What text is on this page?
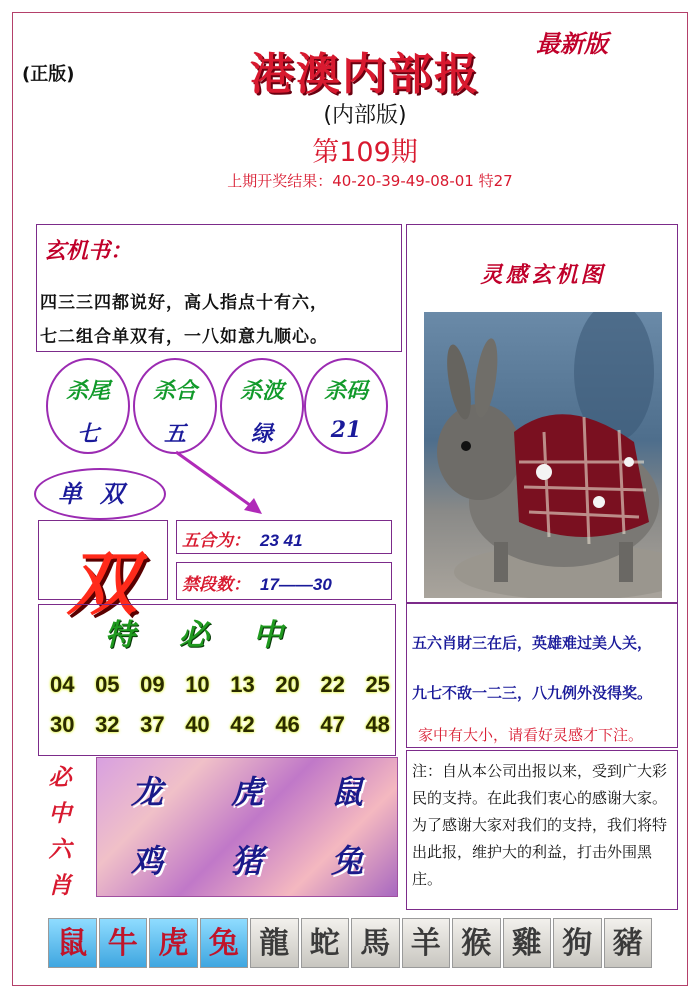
(正版)
最新版
港澳内部报
(内部版)
第109期
上期开奖结果：40-20-39-49-08-01 特27
玄机书：
四三三四都说好，高人指点十有六，
七二组合单双有，一八如意九顺心。
杀尾
七
杀合
五
杀波
绿
杀码
21
单双
双
五合为： 23 41
禁段数： 17——30
特必中
04 05 09 10 13 20 22 25
30 32 37 40 42 46 47 48
必中六肖
龙	虎	鼠
鸡	猪	兔
灵感玄机图
五六肖財三在后，英雄难过美人关，
九七不敌一二三，八九例外没得奖。
家中有大小，请看好灵感才下注。
注：自从本公司出报以来，受到广大彩民的支持。在此我们衷心的感谢大家。为了感谢大家对我们的支持，我们将特出此报，维护大的利益，打击外围黑庄。
鼠 牛 虎 兔 龍 蛇 馬 羊 猴 雞 狗 豬
